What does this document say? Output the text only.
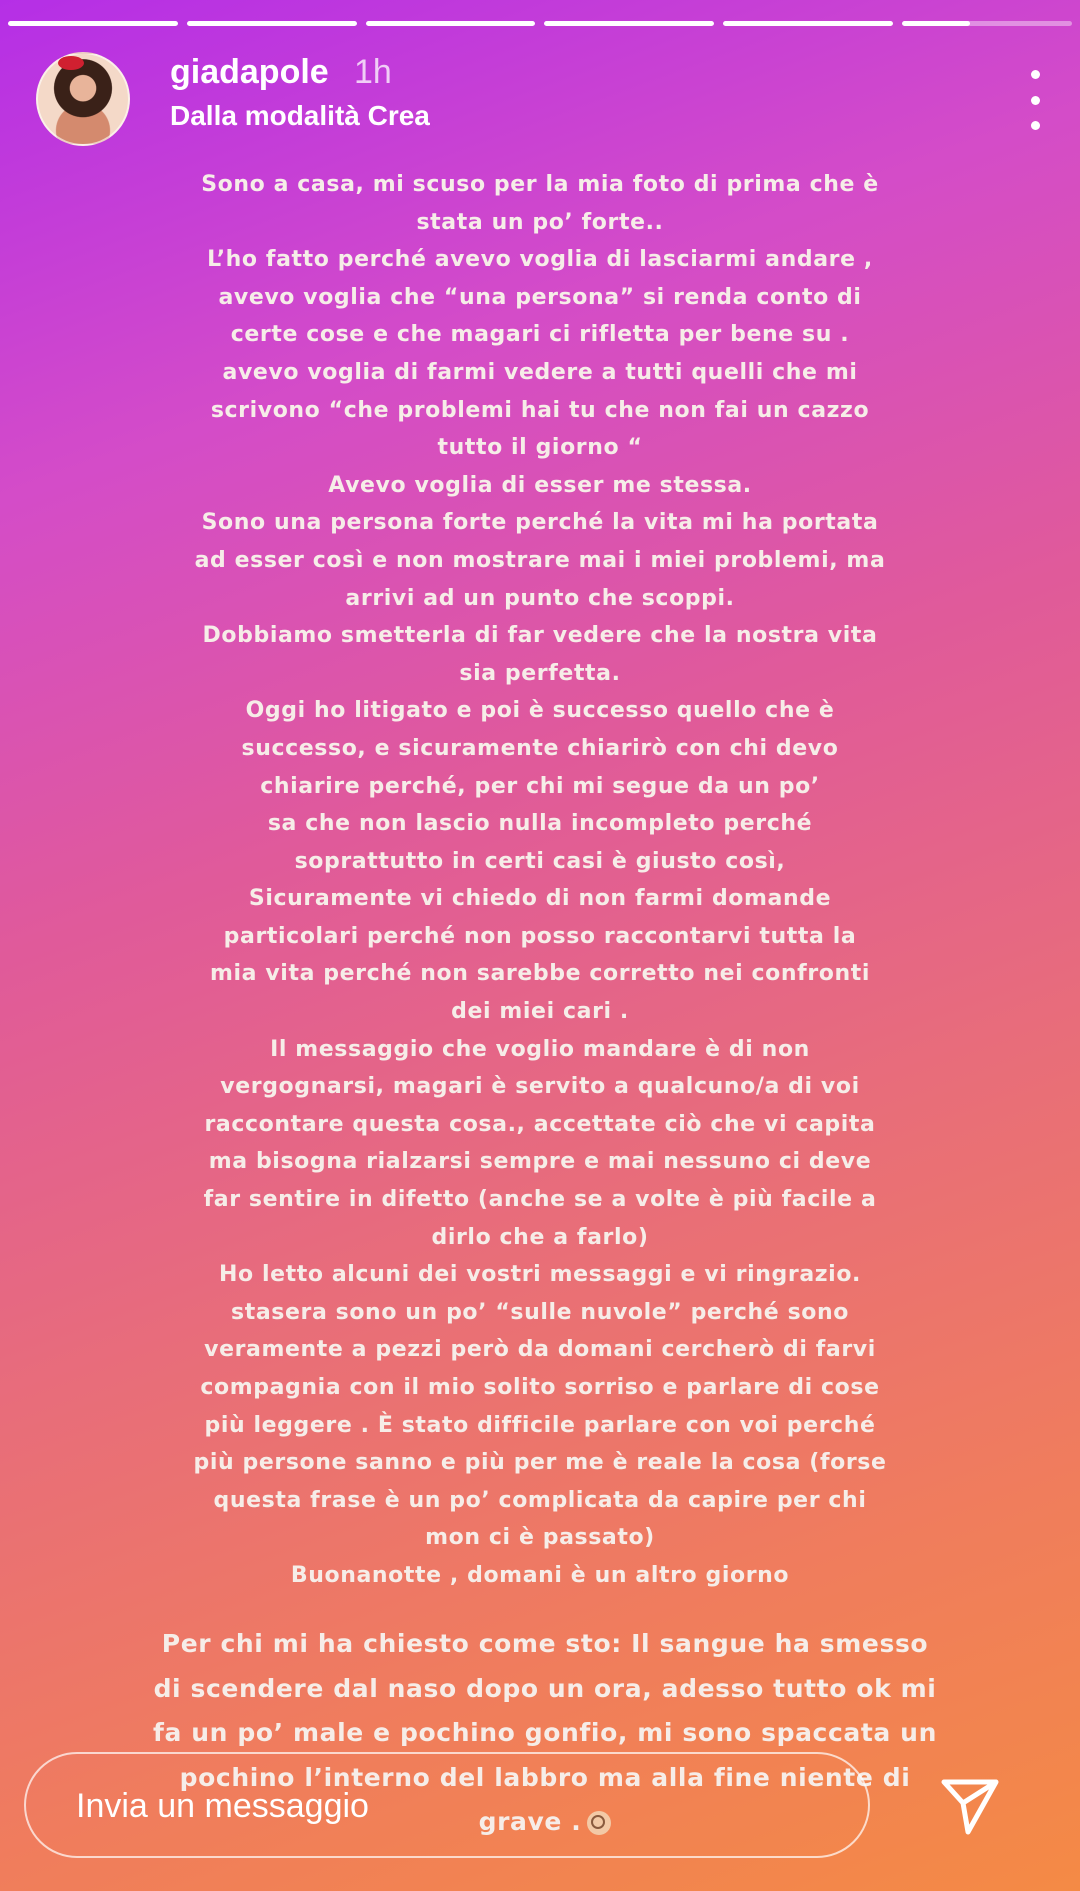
giadapole 1h
Dalla modalità Crea
Sono a casa, mi scuso per la mia foto di prima che è
stata un po’ forte..
L’ho fatto perché avevo voglia di lasciarmi andare ,
avevo voglia che “una persona” si renda conto di
certe cose e che magari ci rifletta per bene su .
avevo voglia di farmi vedere a tutti quelli che mi
scrivono “che problemi hai tu che non fai un cazzo
tutto il giorno “
Avevo voglia di esser me stessa.
Sono una persona forte perché la vita mi ha portata
ad esser così e non mostrare mai i miei problemi, ma
arrivi ad un punto che scoppi.
Dobbiamo smetterla di far vedere che la nostra vita
sia perfetta.
Oggi ho litigato e poi è successo quello che è
successo, e sicuramente chiarirò con chi devo
chiarire perché, per chi mi segue da un po’
sa che non lascio nulla incompleto perché
soprattutto in certi casi è giusto così,
Sicuramente vi chiedo di non farmi domande
particolari perché non posso raccontarvi tutta la
mia vita perché non sarebbe corretto nei confronti
dei miei cari .
Il messaggio che voglio mandare è di non
vergognarsi, magari è servito a qualcuno/a di voi
raccontare questa cosa., accettate ciò che vi capita
ma bisogna rialzarsi sempre e mai nessuno ci deve
far sentire in difetto (anche se a volte è più facile a
dirlo che a farlo)
Ho letto alcuni dei vostri messaggi e vi ringrazio.
stasera sono un po’ “sulle nuvole” perché sono
veramente a pezzi però da domani cercherò di farvi
compagnia con il mio solito sorriso e parlare di cose
più leggere . È stato difficile parlare con voi perché
più persone sanno e più per me è reale la cosa (forse
questa frase è un po’ complicata da capire per chi
mon ci è passato)
Buonanotte , domani è un altro giorno
Per chi mi ha chiesto come sto: Il sangue ha smesso
di scendere dal naso dopo un ora, adesso tutto ok mi
fa un po’ male e pochino gonfio, mi sono spaccata un
pochino l’interno del labbro ma alla fine niente di
grave .
Invia un messaggio
